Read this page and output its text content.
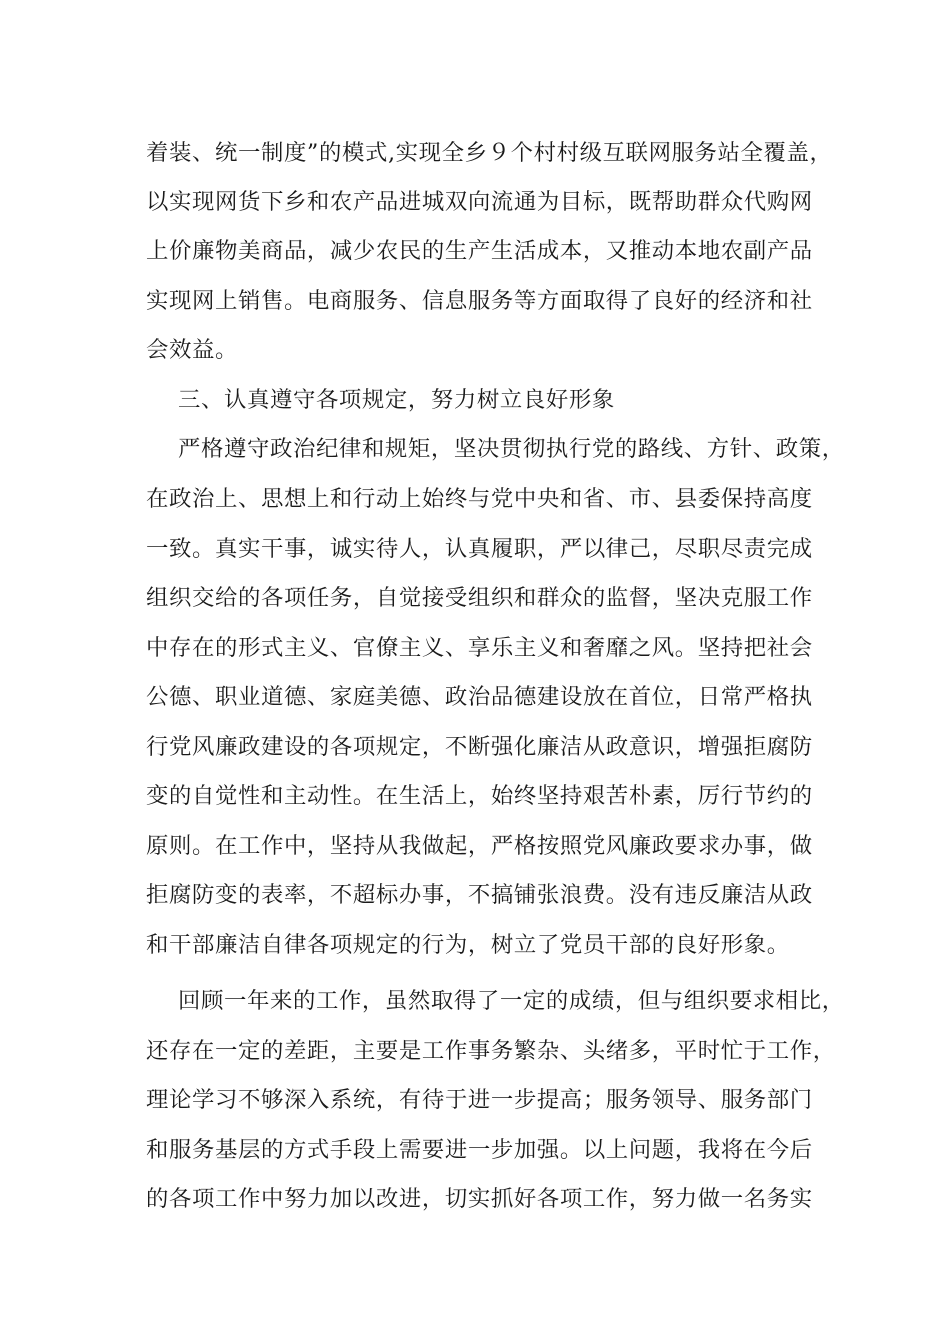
着装、统一制度”的模式,实现全乡９个村村级互联网服务站全覆盖，
以实现网货下乡和农产品进城双向流通为目标，既帮助群众代购网
上价廉物美商品，减少农民的生产生活成本，又推动本地农副产品
实现网上销售。电商服务、信息服务等方面取得了良好的经济和社
会效益。
三、认真遵守各项规定，努力树立良好形象
严格遵守政治纪律和规矩，坚决贯彻执行党的路线、方针、政策，
在政治上、思想上和行动上始终与党中央和省、市、县委保持高度
一致。真实干事，诚实待人，认真履职，严以律己，尽职尽责完成
组织交给的各项任务，自觉接受组织和群众的监督，坚决克服工作
中存在的形式主义、官僚主义、享乐主义和奢靡之风。坚持把社会
公德、职业道德、家庭美德、政治品德建设放在首位，日常严格执
行党风廉政建设的各项规定，不断强化廉洁从政意识，增强拒腐防
变的自觉性和主动性。在生活上，始终坚持艰苦朴素，厉行节约的
原则。在工作中，坚持从我做起，严格按照党风廉政要求办事，做
拒腐防变的表率，不超标办事，不搞铺张浪费。没有违反廉洁从政
和干部廉洁自律各项规定的行为，树立了党员干部的良好形象。
回顾一年来的工作，虽然取得了一定的成绩，但与组织要求相比，
还存在一定的差距，主要是工作事务繁杂、头绪多，平时忙于工作，
理论学习不够深入系统，有待于进一步提高；服务领导、服务部门
和服务基层的方式手段上需要进一步加强。以上问题，我将在今后
的各项工作中努力加以改进，切实抓好各项工作，努力做一名务实
